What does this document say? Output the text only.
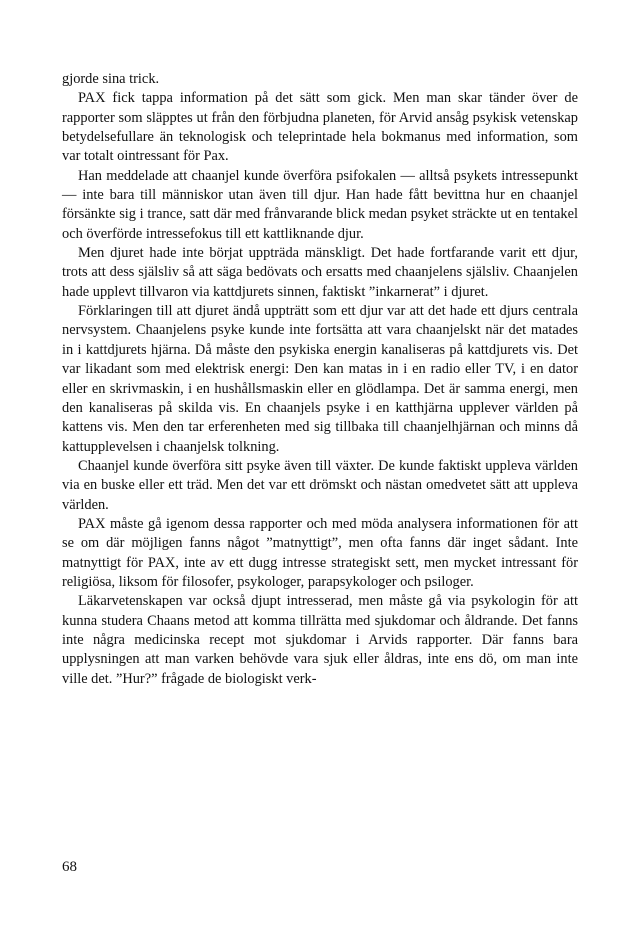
gjorde sina trick.

PAX fick tappa information på det sätt som gick. Men man skar tänder över de rapporter som släpptes ut från den förbjudna planeten, för Arvid ansåg psykisk vetenskap betydelsefullare än teknologisk och teleprintade hela bokmanus med information, som var totalt ointressant för Pax.

Han meddelade att chaanjel kunde överföra psifokalen — alltså psykets intressepunkt — inte bara till människor utan även till djur. Han hade fått bevittna hur en chaanjel försänkte sig i trance, satt där med frånvarande blick medan psyket sträckte ut en tentakel och överförde intressefokus till ett kattliknande djur.

Men djuret hade inte börjat uppträda mänskligt. Det hade fortfarande varit ett djur, trots att dess själsliv så att säga bedövats och ersatts med chaanjelens själsliv. Chaanjelen hade upplevt tillvaron via kattdjurets sinnen, faktiskt ”inkarnerat” i djuret.

Förklaringen till att djuret ändå uppträtt som ett djur var att det hade ett djurs centrala nervsystem. Chaanjelens psyke kunde inte fortsätta att vara chaanjelskt när det matades in i kattdjurets hjärna. Då måste den psykiska energin kanaliseras på kattdjurets vis. Det var likadant som med elektrisk energi: Den kan matas in i en radio eller TV, i en dator eller en skrivmaskin, i en hushållsmaskin eller en glödlampa. Det är samma energi, men den kanaliseras på skilda vis. En chaanjels psyke i en katthjärna upplever världen på kattens vis. Men den tar erferenheten med sig tillbaka till chaanjelhjärnan och minns då kattupplevelsen i chaanjelsk tolkning.

Chaanjel kunde överföra sitt psyke även till växter. De kunde faktiskt uppleva världen via en buske eller ett träd. Men det var ett drömskt och nästan omedvetet sätt att uppleva världen.

PAX måste gå igenom dessa rapporter och med möda analysera informationen för att se om där möjligen fanns något ”matnyttigt”, men ofta fanns där inget sådant. Inte matnyttigt för PAX, inte av ett dugg intresse strategiskt sett, men mycket intressant för religiösa, liksom för filosofer, psykologer, parapsykologer och psiloger.

Läkarvetenskapen var också djupt intresserad, men måste gå via psykologin för att kunna studera Chaans metod att komma tillrätta med sjukdomar och åldrande. Det fanns inte några medicinska recept mot sjukdomar i Arvids rapporter. Där fanns bara upplysningen att man varken behövde vara sjuk eller åldras, inte ens dö, om man inte ville det. ”Hur?” frågade de biologiskt verk-

68
